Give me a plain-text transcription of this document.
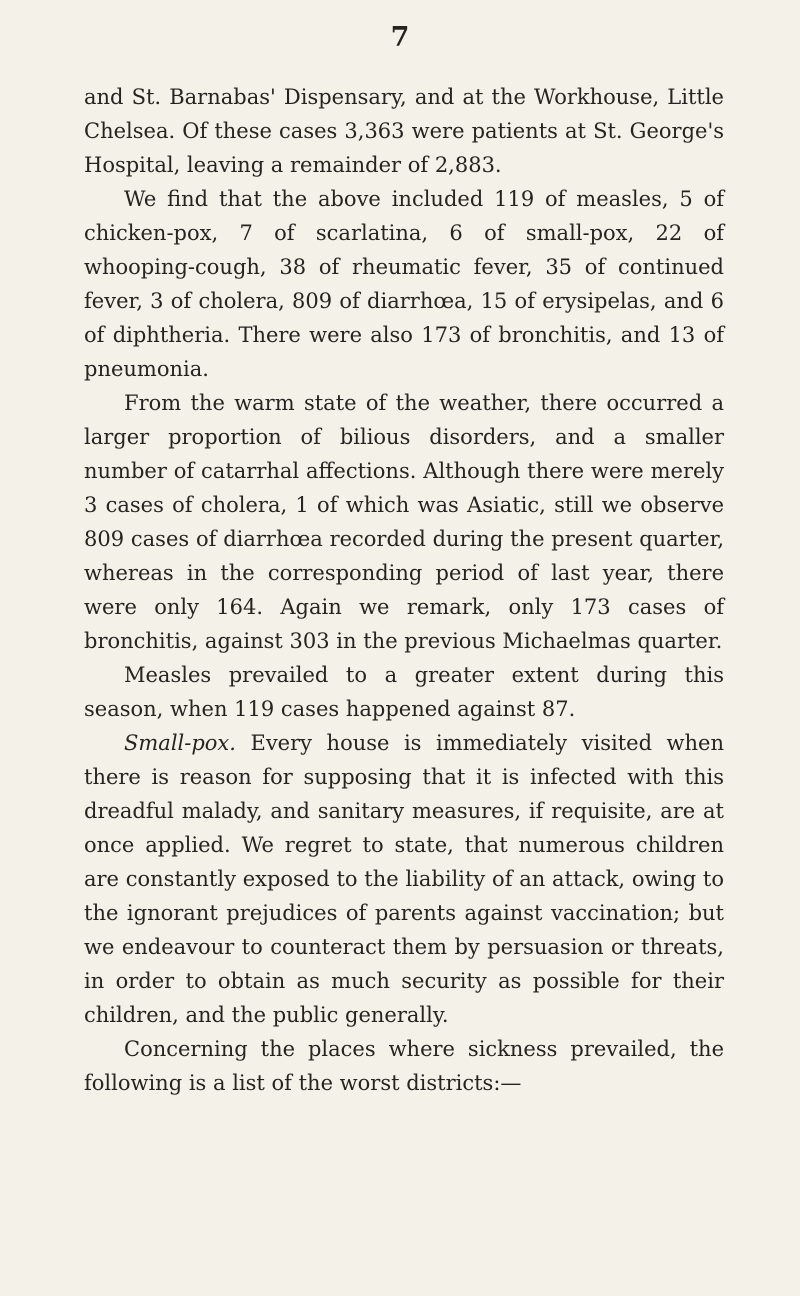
7

and St. Barnabas' Dispensary, and at the Workhouse, Little Chelsea. Of these cases 3,363 were patients at St. George's Hospital, leaving a remainder of 2,883.

We find that the above included 119 of measles, 5 of chicken-pox, 7 of scarlatina, 6 of small-pox, 22 of whooping-cough, 38 of rheumatic fever, 35 of continued fever, 3 of cholera, 809 of diarrhœa, 15 of erysipelas, and 6 of diphtheria. There were also 173 of bronchitis, and 13 of pneumonia.

From the warm state of the weather, there occurred a larger proportion of bilious disorders, and a smaller number of catarrhal affections. Although there were merely 3 cases of cholera, 1 of which was Asiatic, still we observe 809 cases of diarrhœa recorded during the present quarter, whereas in the corresponding period of last year, there were only 164. Again we remark, only 173 cases of bronchitis, against 303 in the previous Michaelmas quarter.

Measles prevailed to a greater extent during this season, when 119 cases happened against 87.

Small-pox. Every house is immediately visited when there is reason for supposing that it is infected with this dreadful malady, and sanitary measures, if requisite, are at once applied. We regret to state, that numerous children are constantly exposed to the liability of an attack, owing to the ignorant prejudices of parents against vaccination; but we endeavour to counteract them by persuasion or threats, in order to obtain as much security as possible for their children, and the public generally.

Concerning the places where sickness prevailed, the following is a list of the worst districts:—
